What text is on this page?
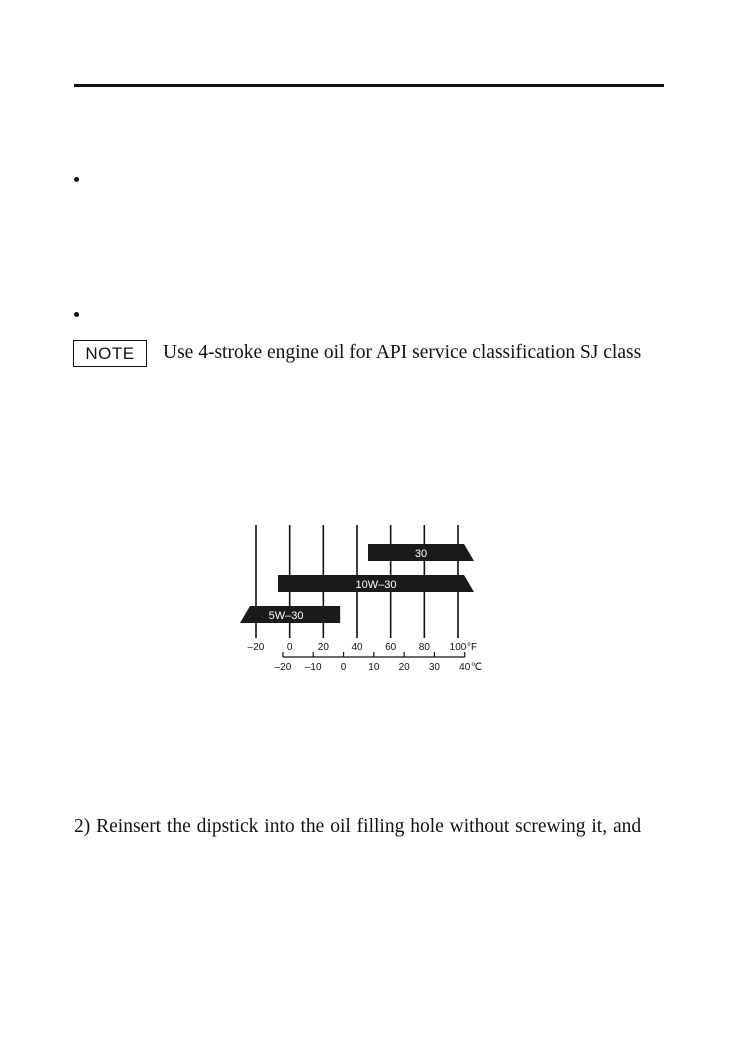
NOTE Use 4-stroke engine oil for API service classification SJ class
30
10W–30
5W–30
–20 0	20 40 60 80 100 °F
–20 –10 0 10 20 30 40 ℃
2) Reinsert the dipstick into the oil filling hole without screwing it, and
